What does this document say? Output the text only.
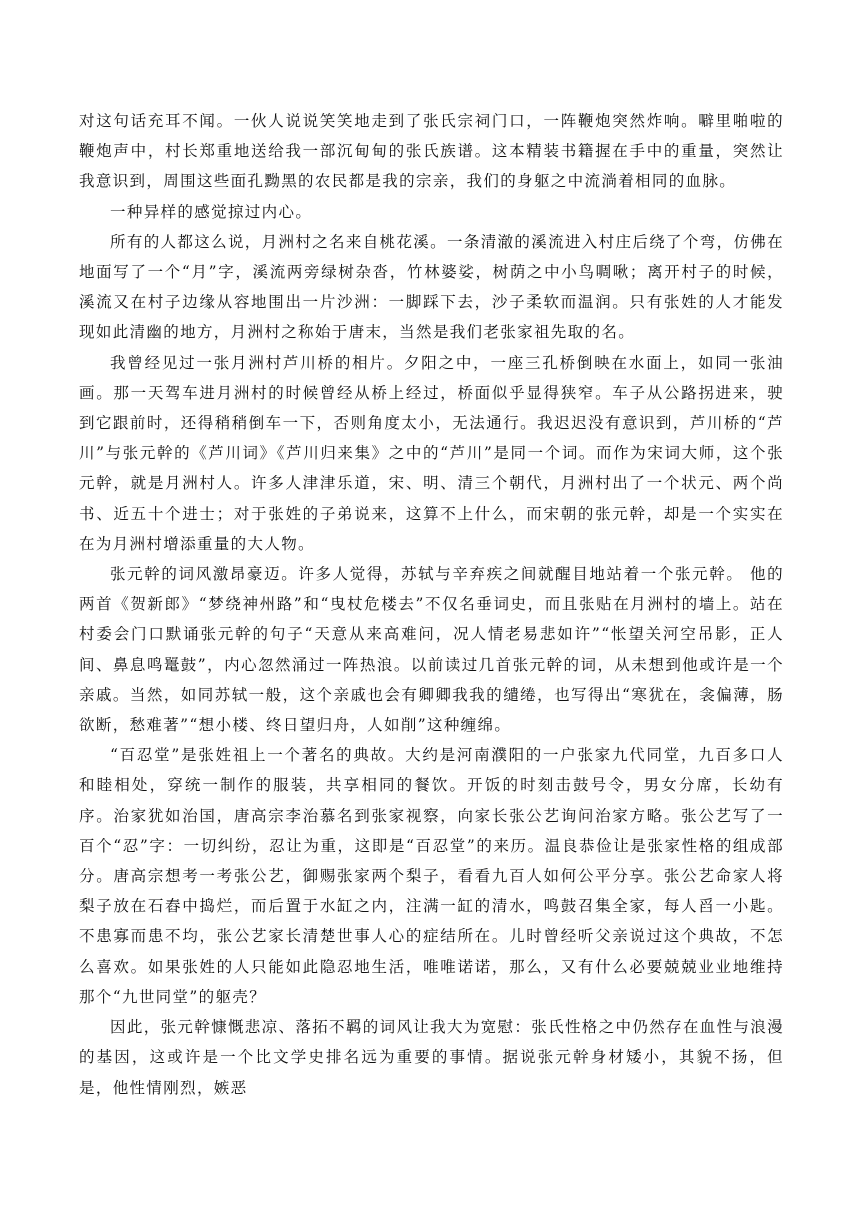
对这句话充耳不闻。一伙人说说笑笑地走到了张氏宗祠门口，一阵鞭炮突然炸响。噼里啪啦的鞭炮声中，村长郑重地送给我一部沉甸甸的张氏族谱。这本精装书籍握在手中的重量，突然让我意识到，周围这些面孔黝黑的农民都是我的宗亲，我们的身躯之中流淌着相同的血脉。

一种异样的感觉掠过内心。

所有的人都这么说，月洲村之名来自桃花溪。一条清澈的溪流进入村庄后绕了个弯，仿佛在地面写了一个“月”字，溪流两旁绿树杂沓，竹林婆娑，树荫之中小鸟啁啾；离开村子的时候，溪流又在村子边缘从容地围出一片沙洲：一脚踩下去，沙子柔软而温润。只有张姓的人才能发现如此清幽的地方，月洲村之称始于唐末，当然是我们老张家祖先取的名。

我曾经见过一张月洲村芦川桥的相片。夕阳之中，一座三孔桥倒映在水面上，如同一张油画。那一天驾车进月洲村的时候曾经从桥上经过，桥面似乎显得狭窄。车子从公路拐进来，驶到它跟前时，还得稍稍倒车一下，否则角度太小，无法通行。我迟迟没有意识到，芦川桥的“芦川”与张元幹的《芦川词》《芦川归来集》之中的“芦川”是同一个词。而作为宋词大师，这个张元幹，就是月洲村人。许多人津津乐道，宋、明、清三个朝代，月洲村出了一个状元、两个尚书、近五十个进士；对于张姓的子弟说来，这算不上什么，而宋朝的张元幹，却是一个实实在在为月洲村增添重量的大人物。

张元幹的词风激昂豪迈。许多人觉得，苏轼与辛弃疾之间就醒目地站着一个张元幹。 他的两首《贺新郎》“梦绕神州路”和“曳杖危楼去”不仅名垂词史，而且张贴在月洲村的墙上。站在村委会门口默诵张元幹的句子“天意从来高难问，况人情老易悲如许”“怅望关河空吊影，正人间、鼻息鸣鼍鼓”，内心忽然涌过一阵热浪。以前读过几首张元幹的词，从未想到他或许是一个亲戚。当然，如同苏轼一般，这个亲戚也会有卿卿我我的缱绻，也写得出“寒犹在，衾偏薄，肠欲断，愁难著”“想小楼、终日望归舟，人如削”这种缠绵。

“百忍堂”是张姓祖上一个著名的典故。大约是河南濮阳的一户张家九代同堂，九百多口人和睦相处，穿统一制作的服装，共享相同的餐饮。开饭的时刻击鼓号令，男女分席，长幼有序。治家犹如治国，唐高宗李治慕名到张家视察，向家长张公艺询问治家方略。张公艺写了一百个“忍”字：一切纠纷，忍让为重，这即是“百忍堂”的来历。温良恭俭让是张家性格的组成部分。唐高宗想考一考张公艺，御赐张家两个梨子，看看九百人如何公平分享。张公艺命家人将梨子放在石舂中捣烂，而后置于水缸之内，注满一缸的清水，鸣鼓召集全家，每人舀一小匙。不患寡而患不均，张公艺家长清楚世事人心的症结所在。儿时曾经听父亲说过这个典故，不怎么喜欢。如果张姓的人只能如此隐忍地生活，唯唯诺诺，那么，又有什么必要兢兢业业地维持那个“九世同堂”的躯壳？

因此，张元幹慷慨悲凉、落拓不羁的词风让我大为宽慰：张氏性格之中仍然存在血性与浪漫的基因，这或许是一个比文学史排名远为重要的事情。据说张元幹身材矮小，其貌不扬，但是，他性情刚烈，嫉恶
